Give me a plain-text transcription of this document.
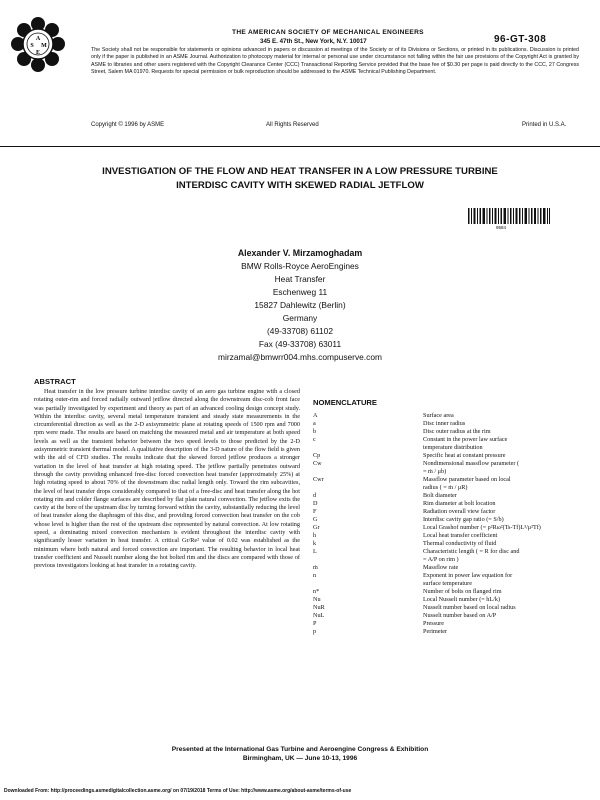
A
S M
E
THE AMERICAN SOCIETY OF MECHANICAL ENGINEERS
345 E. 47th St., New York, N.Y. 10017	96-GT-308
The Society shall not be responsible for statements or opinions advanced in papers or discussion at meetings of the Society or of its Divisions or Sections, or printed in its publications. Discussion is printed only if the paper is published in an ASME Journal. Authorization to photocopy material for internal or personal use under circumstance not falling within the fair use provisions of the Copyright Act is granted by ASME to libraries and other users registered with the Copyright Clearance Center (CCC) Transactional Reporting Service provided that the base fee of $0.30 per page is paid directly to the CCC, 27 Congress Street, Salem MA 01970. Requests for special permission or bulk reproduction should be addressed to the ASME Technical Publishing Department.
Copyright © 1996 by ASME	All Rights Reserved	Printed in U.S.A.
INVESTIGATION OF THE FLOW AND HEAT TRANSFER IN A LOW PRESSURE TURBINE
INTERDISC CAVITY WITH SKEWED RADIAL JETFLOW
9584
Alexander V. Mirzamoghadam
BMW Rolls-Royce AeroEngines
Heat Transfer
Eschenweg 11
15827 Dahlewitz (Berlin)
Germany
(49-33708) 61102
Fax (49-33708) 63011
mirzamal@bmwrr004.mhs.compuserve.com
ABSTRACT
Heat transfer in the low pressure turbine interdisc cavity of an aero gas turbine engine with a closed rotating outer-rim and forced radially outward jetflow directed along the downstream disc-cob front face was partially investigated by experiment and theory as part of an advanced cooling design concept study. Within the interdisc cavity, several metal temperature transient and steady state measurements in the circumferential direction as well as the 2-D axisymmetric plane at rotating speeds of 1500 rpm and 7000 rpm were made. The results are based on matching the measured metal and air temperature at both speed levels as well as the transient behavior between the two speed levels to those predicted by the 2-D axisymmetric transient thermal model. A qualitative description of the 3-D nature of the flow field is given with the aid of CFD studies. The results indicate that the skewed forced jetflow produces a stronger variation in the level of heat transfer at high rotating speed. The jetflow partially penetrates outward through the cavity providing enhanced free-disc forced convection heat transfer (approximately 25%) at high rotating speed to about 70% of the downstream disc radial length only. Toward the rim subcavities, the level of heat transfer drops considerably compared to that of a free-disc and heat transfer along the hot rotating rim and colder flange surfaces are described by flat plate natural convection. The jetflow exits the cavity at the bore of the upstream disc by turning forward within the cavity, substantially reducing the level of heat transfer along the diaphragm of this disc, and providing forced convection heat transfer on the cob whose level is higher than the rest of the upstream disc represented by natural convection. At low rotating speed, a dominating mixed convection mechanism is evident throughout the interdisc cavity with significantly lesser variation in heat transfer. A critical Gr/Re² value of 0.02 was established as the minimum where both natural and forced convection are important. The resulting behavior in local heat transfer coefficient and Nusselt number along the hot bolted rim and the discs are compared with those of previous investigators looking at heat transfer in a rotating cavity.
NOMENCLATURE
A	Surface area
a	Disc inner radius
b	Disc outer radius at the rim
c	Constant in the power law surface
temperature distribution
Cp	Specific heat at constant pressure
Cw	Nondimensional massflow parameter (
= ṁ / μb)
Cwr	Massflow parameter based on local
radius ( = ṁ / μR)
d	Bolt diameter
D	Rim diameter at bolt location
F	Radiation overall view factor
G	Interdisc cavity gap ratio (= S/b)
Gr	Local Grashof number (= ρ²Rω²(Ts-Tf)L³/μ²Tf)
h	Local heat transfer coefficient
k	Thermal conductivity of fluid
L	Characteristic length ( = R for disc and
= A/P on rim )
ṁ	Massflow rate
n	Exponent in power law equation for
surface temperature
n*	Number of bolts on flanged rim
Nu	Local Nusselt number (= hL/k)
NuR	Nusselt number based on local radius
NuL	Nusselt number based on A/P
P	Pressure
p	Perimeter
Presented at the International Gas Turbine and Aeroengine Congress & Exhibition
Birmingham, UK — June 10-13, 1996
Downloaded From: http://proceedings.asmedigitalcollection.asme.org/ on 07/19/2018 Terms of Use: http://www.asme.org/about-asme/terms-of-use
